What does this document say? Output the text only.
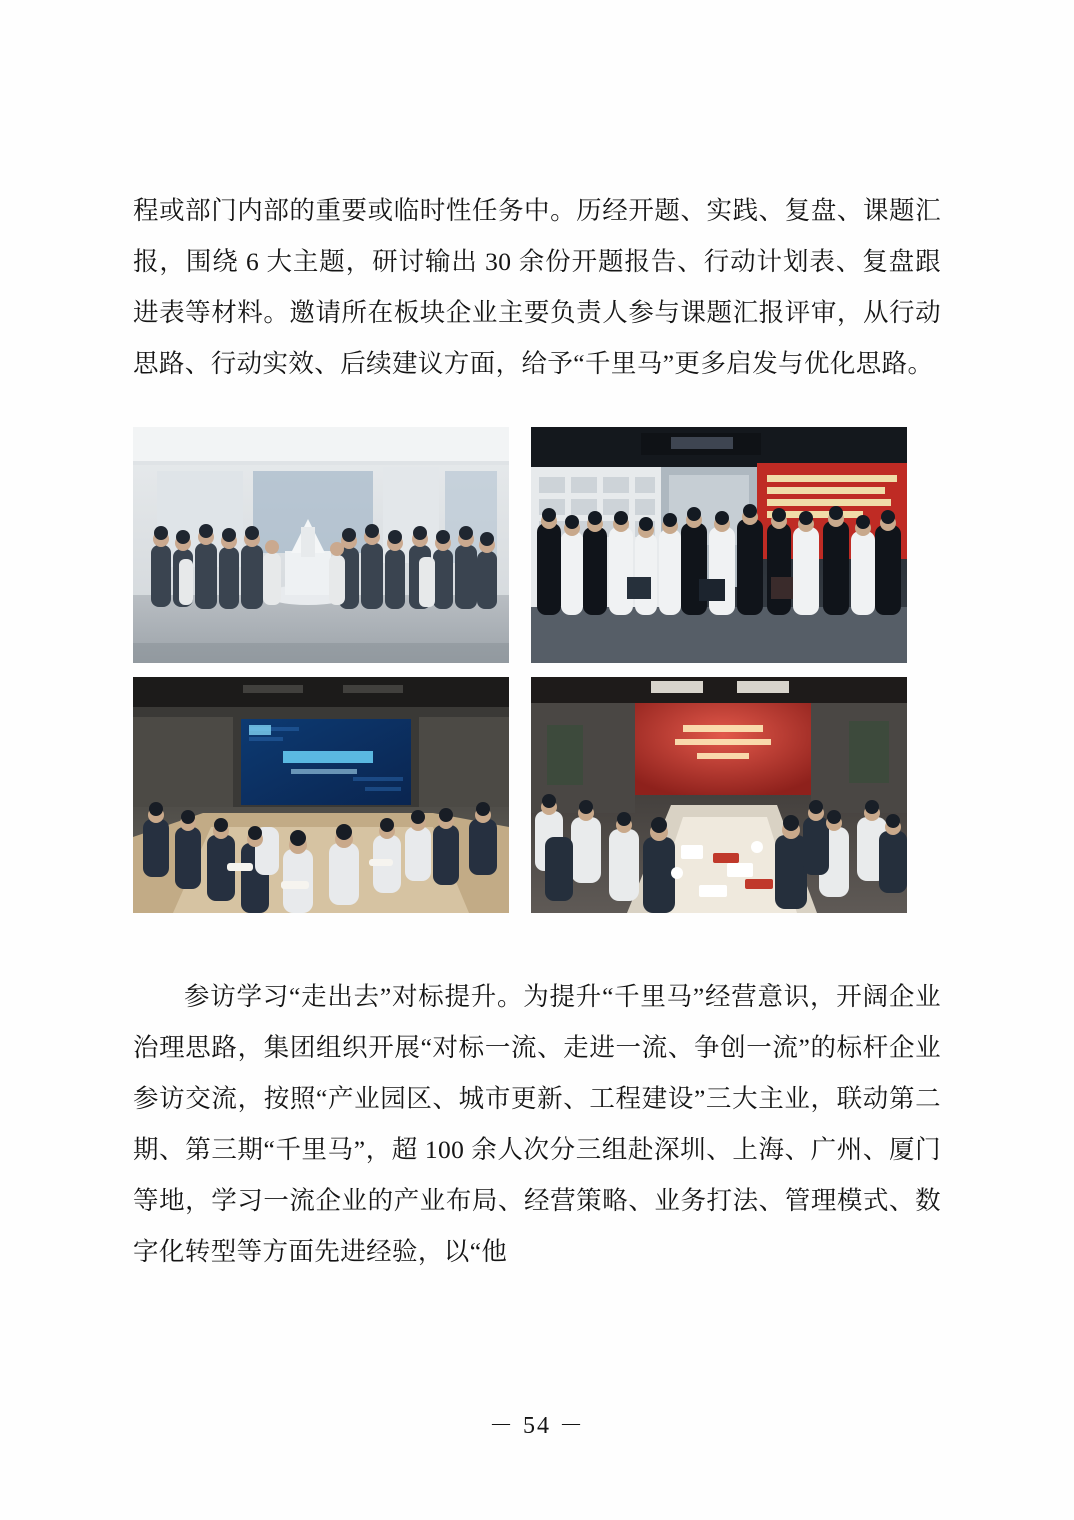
程或部门内部的重要或临时性任务中。历经开题、实践、复盘、课题汇报，围绕 6 大主题，研讨输出 30 余份开题报告、行动计划表、复盘跟进表等材料。邀请所在板块企业主要负责人参与课题汇报评审，从行动思路、行动实效、后续建议方面，给予“千里马”更多启发与优化思路。

参访学习“走出去”对标提升。为提升“千里马”经营意识，开阔企业治理思路，集团组织开展“对标一流、走进一流、争创一流”的标杆企业参访交流，按照“产业园区、城市更新、工程建设”三大主业，联动第二期、第三期“千里马”，超 100 余人次分三组赴深圳、上海、广州、厦门等地，学习一流企业的产业布局、经营策略、业务打法、管理模式、数字化转型等方面先进经验，以“他

－ 54 －
